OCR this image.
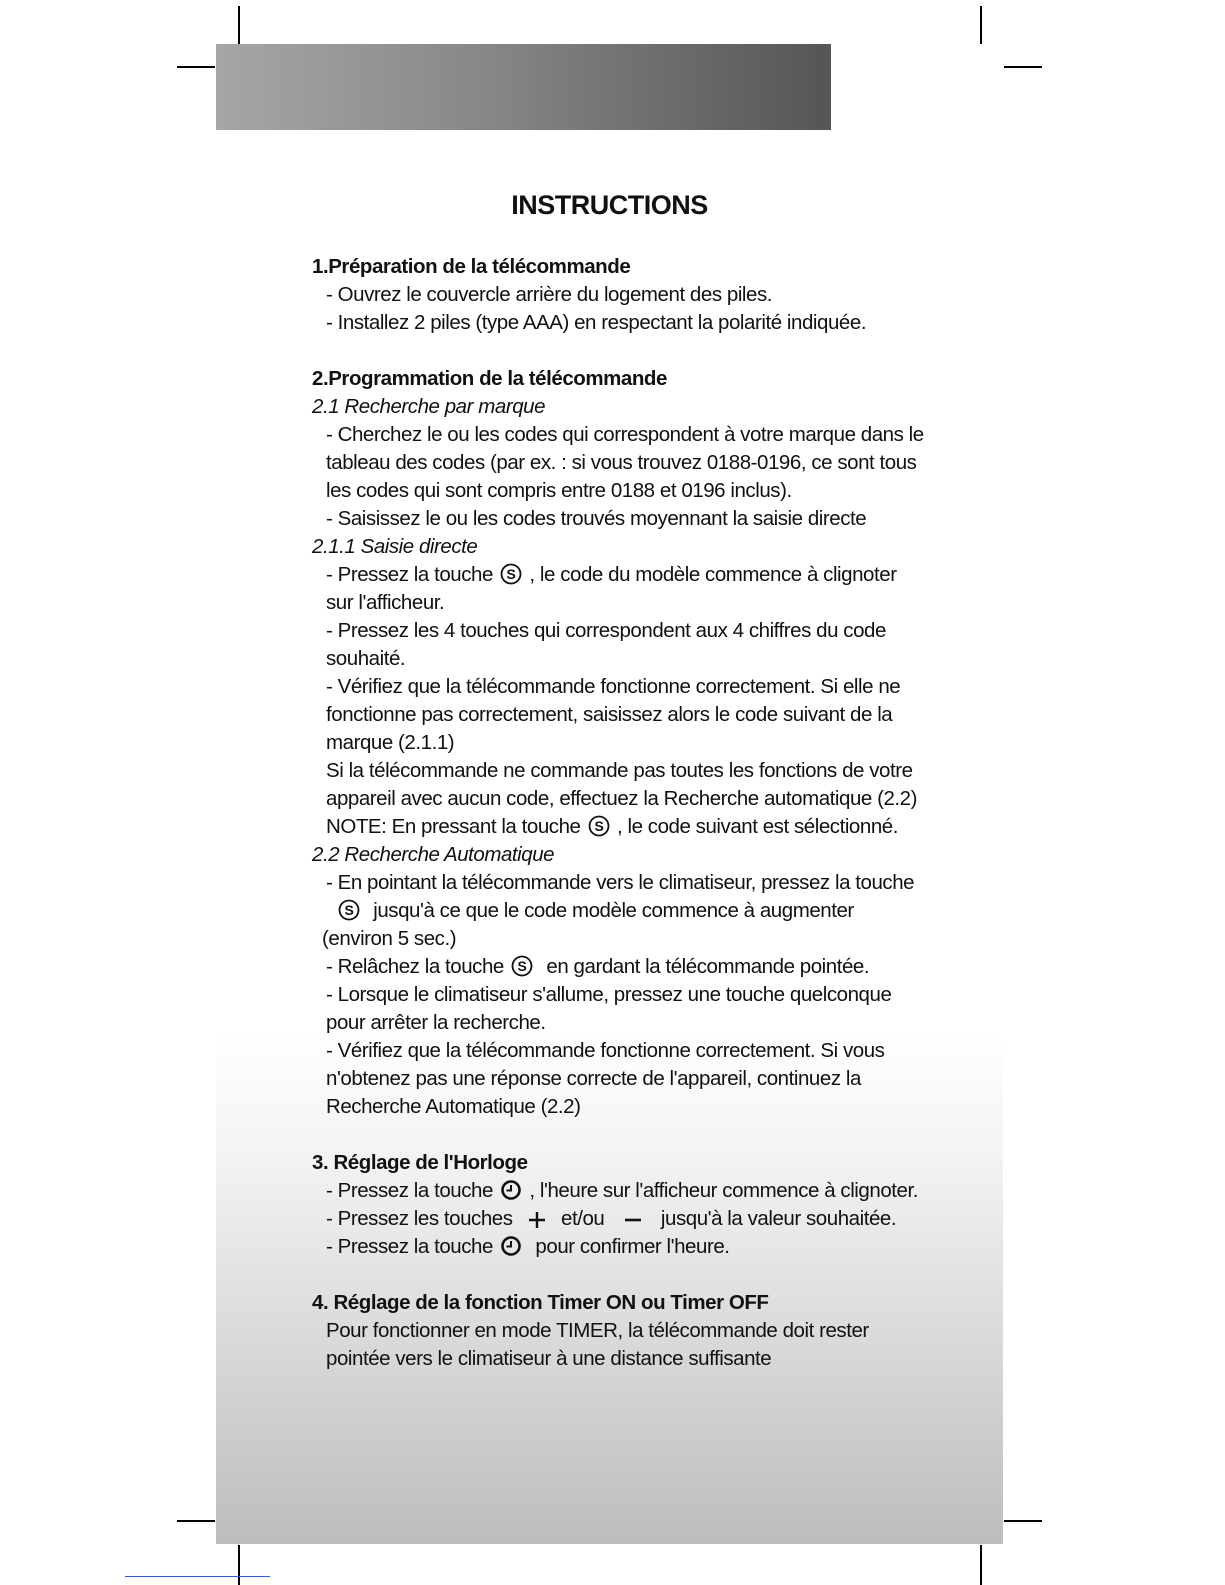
INSTRUCTIONS
1.Préparation de la télécommande
- Ouvrez le couvercle arrière du logement des piles.
- Installez 2 piles (type AAA) en respectant la polarité indiquée.
2.Programmation de la télécommande
2.1 Recherche par marque
- Cherchez le ou les codes qui correspondent à votre marque dans le
tableau des codes (par ex. : si vous trouvez 0188-0196, ce sont tous
les codes qui sont compris entre 0188 et 0196 inclus).
- Saisissez le ou les codes trouvés moyennant la saisie directe
2.1.1 Saisie directe
- Pressez la touche S , le code du modèle commence à clignoter
sur l'afficheur.
- Pressez les 4 touches qui correspondent aux 4 chiffres du code
souhaité.
- Vérifiez que la télécommande fonctionne correctement. Si elle ne
fonctionne pas correctement, saisissez alors le code suivant de la
marque (2.1.1)
Si la télécommande ne commande pas toutes les fonctions de votre
appareil avec aucun code, effectuez la Recherche automatique (2.2)
NOTE: En pressant la touche S , le code suivant est sélectionné.
2.2 Recherche Automatique
- En pointant la télécommande vers le climatiseur, pressez la touche
S jusqu'à ce que le code modèle commence à augmenter
(environ 5 sec.)
- Relâchez la touche S en gardant la télécommande pointée.
- Lorsque le climatiseur s'allume, pressez une touche quelconque
pour arrêter la recherche.
- Vérifiez que la télécommande fonctionne correctement. Si vous
n'obtenez pas une réponse correcte de l'appareil, continuez la
Recherche Automatique (2.2)
3. Réglage de l'Horloge
- Pressez la touche , l'heure sur l'afficheur commence à clignoter.
- Pressez les touches et/ou	jusqu'à la valeur souhaitée.
- Pressez la touche pour confirmer l'heure.
4. Réglage de la fonction Timer ON ou Timer OFF
Pour fonctionner en mode TIMER, la télécommande doit rester
pointée vers le climatiseur à une distance suffisante
